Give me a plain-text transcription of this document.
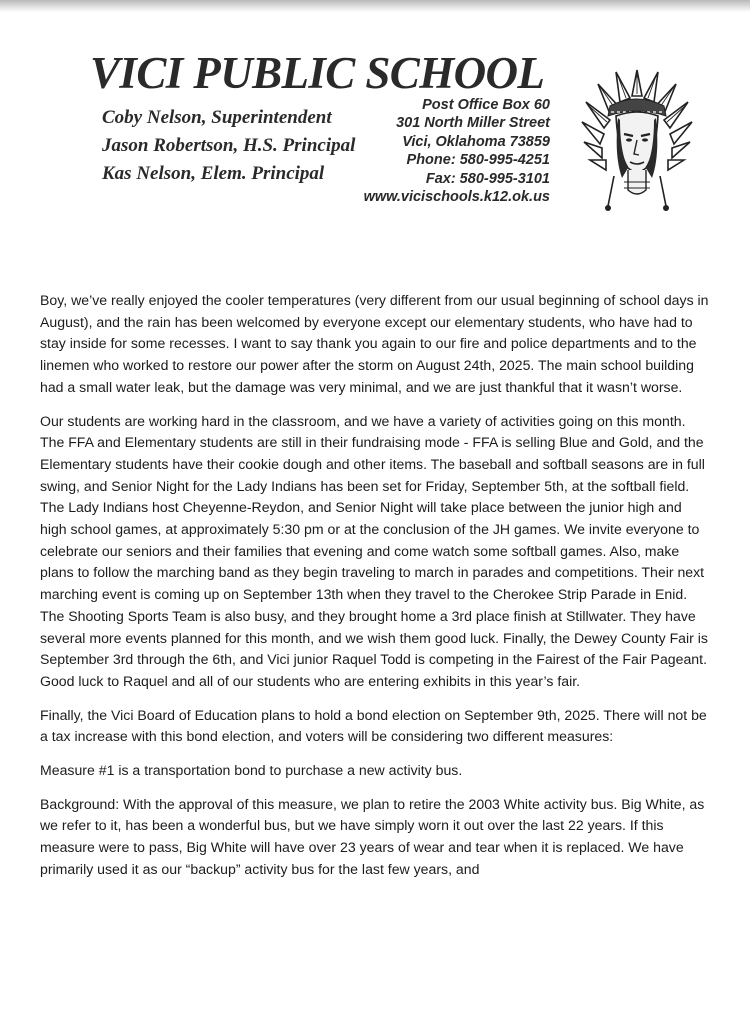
VICI PUBLIC SCHOOL
Coby Nelson, Superintendent
Jason Robertson, H.S. Principal
Kas Nelson, Elem. Principal
Post Office Box 60
301 North Miller Street
Vici, Oklahoma 73859
Phone: 580-995-4251
Fax: 580-995-3101
www.vicischools.k12.ok.us

Boy, we’ve really enjoyed the cooler temperatures (very different from our usual beginning of school days in August), and the rain has been welcomed by everyone except our elementary students, who have had to stay inside for some recesses. I want to say thank you again to our fire and police departments and to the linemen who worked to restore our power after the storm on August 24th, 2025. The main school building had a small water leak, but the damage was very minimal, and we are just thankful that it wasn’t worse.

Our students are working hard in the classroom, and we have a variety of activities going on this month. The FFA and Elementary students are still in their fundraising mode - FFA is selling Blue and Gold, and the Elementary students have their cookie dough and other items. The baseball and softball seasons are in full swing, and Senior Night for the Lady Indians has been set for Friday, September 5th, at the softball field. The Lady Indians host Cheyenne-Reydon, and Senior Night will take place between the junior high and high school games, at approximately 5:30 pm or at the conclusion of the JH games. We invite everyone to celebrate our seniors and their families that evening and come watch some softball games. Also, make plans to follow the marching band as they begin traveling to march in parades and competitions. Their next marching event is coming up on September 13th when they travel to the Cherokee Strip Parade in Enid. The Shooting Sports Team is also busy, and they brought home a 3rd place finish at Stillwater. They have several more events planned for this month, and we wish them good luck. Finally, the Dewey County Fair is September 3rd through the 6th, and Vici junior Raquel Todd is competing in the Fairest of the Fair Pageant. Good luck to Raquel and all of our students who are entering exhibits in this year’s fair.

Finally, the Vici Board of Education plans to hold a bond election on September 9th, 2025. There will not be a tax increase with this bond election, and voters will be considering two different measures:

Measure #1 is a transportation bond to purchase a new activity bus.

Background: With the approval of this measure, we plan to retire the 2003 White activity bus. Big White, as we refer to it, has been a wonderful bus, but we have simply worn it out over the last 22 years. If this measure were to pass, Big White will have over 23 years of wear and tear when it is replaced. We have primarily used it as our “backup” activity bus for the last few years, and
